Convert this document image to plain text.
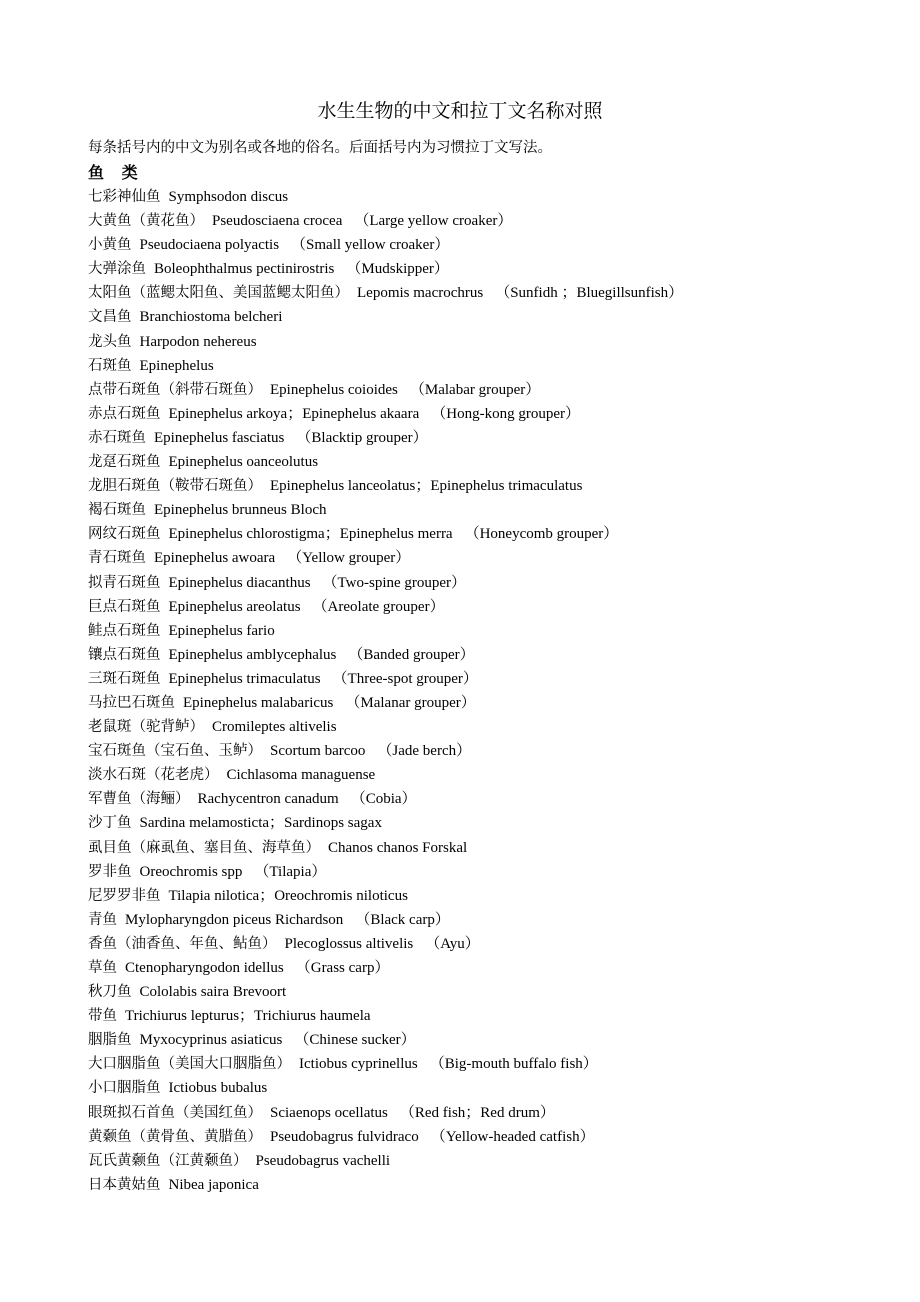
水生生物的中文和拉丁文名称对照

每条括号内的中文为别名或各地的俗名。后面括号内为习惯拉丁文写法。

鱼 类
七彩神仙鱼 Symphsodon discus
大黄鱼（黄花鱼） Pseudosciaena crocea （Large yellow croaker）
小黄鱼 Pseudociaena polyactis （Small yellow croaker）
大弹涂鱼 Boleophthalmus pectinirostris （Mudskipper）
太阳鱼（蓝鳃太阳鱼、美国蓝鳃太阳鱼） Lepomis macrochrus （Sunfidh ；Bluegillsunfish）
文昌鱼 Branchiostoma belcheri
龙头鱼 Harpodon nehereus
石斑鱼 Epinephelus
点带石斑鱼（斜带石斑鱼） Epinephelus coioides （Malabar grouper）
赤点石斑鱼 Epinephelus arkoya；Epinephelus akaara （Hong-kong grouper）
赤石斑鱼 Epinephelus fasciatus （Blacktip grouper）
龙趸石斑鱼 Epinephelus oanceolutus
龙胆石斑鱼（鞍带石斑鱼） Epinephelus lanceolatus；Epinephelus trimaculatus
褐石斑鱼 Epinephelus brunneus Bloch
网纹石斑鱼 Epinephelus chlorostigma；Epinephelus merra （Honeycomb grouper）
青石斑鱼 Epinephelus awoara （Yellow grouper）
拟青石斑鱼 Epinephelus diacanthus （Two-spine grouper）
巨点石斑鱼 Epinephelus areolatus （Areolate grouper）
鲑点石斑鱼 Epinephelus fario
镶点石斑鱼 Epinephelus amblycephalus （Banded grouper）
三斑石斑鱼 Epinephelus trimaculatus （Three-spot grouper）
马拉巴石斑鱼 Epinephelus malabaricus （Malanar grouper）
老鼠斑（驼背鲈） Cromileptes altivelis
宝石斑鱼（宝石鱼、玉鲈） Scortum barcoo （Jade berch）
淡水石斑（花老虎） Cichlasoma managuense
军曹鱼（海鲡） Rachycentron canadum （Cobia）
沙丁鱼 Sardina melamosticta；Sardinops sagax
虱目鱼（麻虱鱼、塞目鱼、海草鱼） Chanos chanos Forskal
罗非鱼 Oreochromis spp （Tilapia）
尼罗罗非鱼 Tilapia nilotica；Oreochromis niloticus
青鱼 Mylopharyngdon piceus Richardson （Black carp）
香鱼（油香鱼、年鱼、鲇鱼） Plecoglossus altivelis （Ayu）
草鱼 Ctenopharyngodon idellus （Grass carp）
秋刀鱼 Cololabis saira Brevoort
带鱼 Trichiurus lepturus；Trichiurus haumela
胭脂鱼 Myxocyprinus asiaticus （Chinese sucker）
大口胭脂鱼（美国大口胭脂鱼） Ictiobus cyprinellus （Big-mouth buffalo fish）
小口胭脂鱼 Ictiobus bubalus
眼斑拟石首鱼（美国红鱼） Sciaenops ocellatus （Red fish；Red drum）
黄颡鱼（黄骨鱼、黄腊鱼） Pseudobagrus fulvidraco （Yellow-headed catfish）
瓦氏黄颡鱼（江黄颡鱼） Pseudobagrus vachelli
日本黄姑鱼 Nibea japonica
